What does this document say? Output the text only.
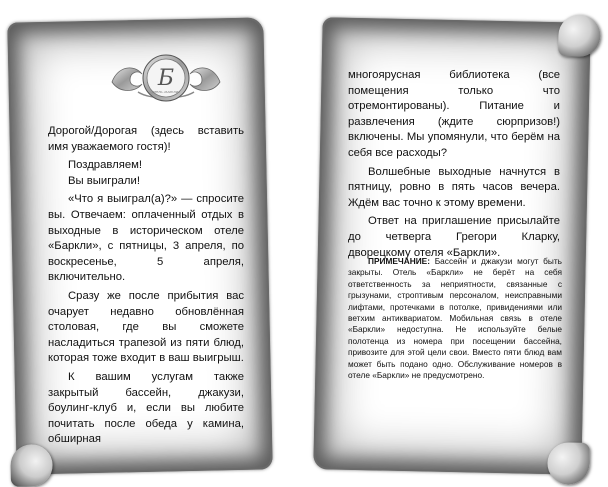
Б
ОТЕЛЬ «БАРКЛИ»

Дорогой/Дорогая (здесь вставить имя уважаемого гостя)!

Поздравляем!

Вы выиграли!

«Что я выиграл(а)?» — спросите вы. Отвечаем: оплаченный отдых в выходные в историческом отеле «Баркли», с пятницы, 3 апреля, по воскресенье, 5 апреля, включительно.

Сразу же после прибытия вас очарует недавно обновлённая столовая, где вы сможете насладиться трапезой из пяти блюд, которая тоже входит в ваш выигрыш.

К вашим услугам также закрытый бассейн, джакузи, боулинг-клуб и, если вы любите почитать после обеда у камина, обширная

многоярусная библиотека (все помещения только что отремонтированы). Питание и развлечения (ждите сюрпризов!) включены. Мы упомянули, что берём на себя все расходы?

Волшебные выходные начнутся в пятницу, ровно в пять часов вечера. Ждём вас точно к этому времени.

Ответ на приглашение присылайте до четверга Грегори Кларку, дворецкому отеля «Баркли».

ПРИМЕЧАНИЕ: Бассейн и джакузи могут быть закрыты. Отель «Баркли» не берёт на себя ответственность за неприятности, связанные с грызунами, строптивым персоналом, неисправными лифтами, протечками в потолке, привидениями или ветхим антиквариатом. Мобильная связь в отеле «Баркли» недоступна. Не используйте белые полотенца из номера при посещении бассейна, привозите для этой цели свои. Вместо пяти блюд вам может быть подано одно. Обслуживание номеров в отеле «Баркли» не предусмотрено.
